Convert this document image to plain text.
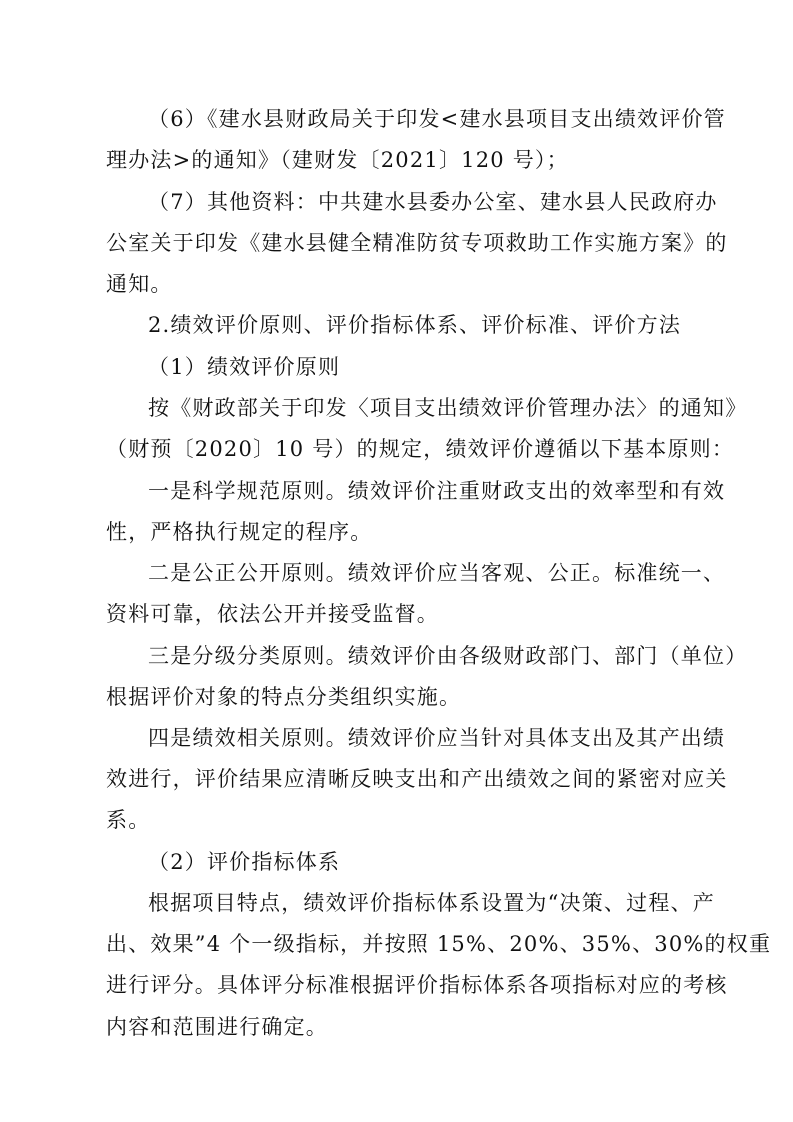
（6）《建水县财政局关于印发<建水县项目支出绩效评价管
理办法>的通知》（建财发〔2021〕120 号）；
（7）其他资料：中共建水县委办公室、建水县人民政府办
公室关于印发《建水县健全精准防贫专项救助工作实施方案》的
通知。
2.绩效评价原则、评价指标体系、评价标准、评价方法
（1）绩效评价原则
按《财政部关于印发〈项目支出绩效评价管理办法〉的通知》
（财预〔2020〕10 号）的规定，绩效评价遵循以下基本原则：
一是科学规范原则。绩效评价注重财政支出的效率型和有效
性，严格执行规定的程序。
二是公正公开原则。绩效评价应当客观、公正。标准统一、
资料可靠，依法公开并接受监督。
三是分级分类原则。绩效评价由各级财政部门、部门（单位）
根据评价对象的特点分类组织实施。
四是绩效相关原则。绩效评价应当针对具体支出及其产出绩
效进行，评价结果应清晰反映支出和产出绩效之间的紧密对应关
系。
（2）评价指标体系
根据项目特点，绩效评价指标体系设置为“决策、过程、产
出、效果”4 个一级指标，并按照 15%、20%、35%、30%的权重
进行评分。具体评分标准根据评价指标体系各项指标对应的考核
内容和范围进行确定。
